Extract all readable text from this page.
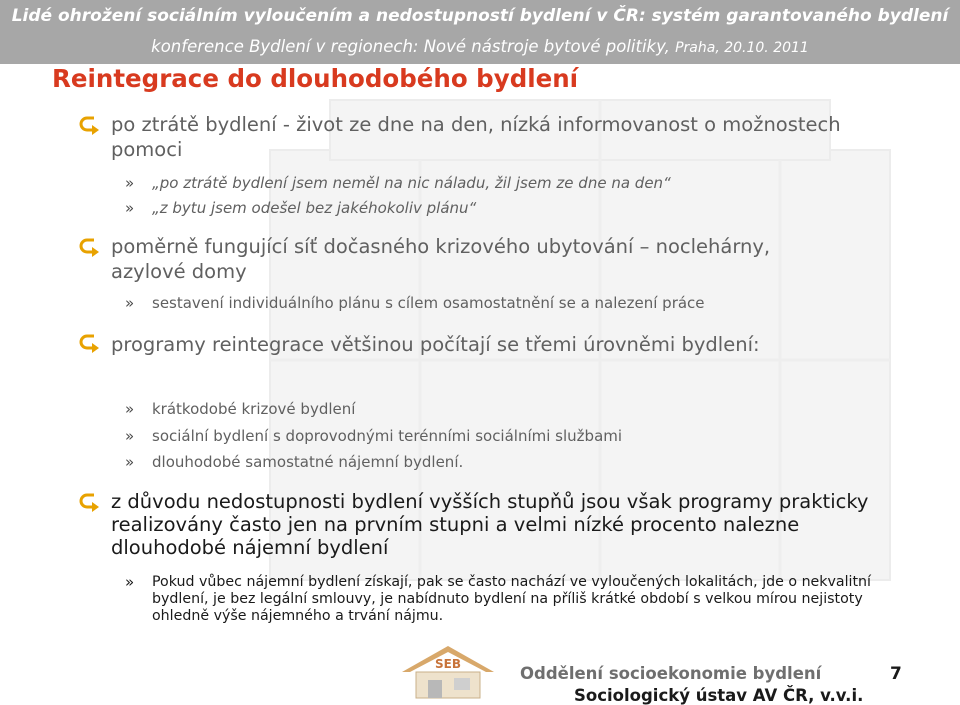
Lidé ohrožení sociálním vyloučením a nedostupností bydlení v ČR: systém garantovaného bydlení
konference Bydlení v regionech: Nové nástroje bytové politiky, Praha, 20.10. 2011
Reintegrace do dlouhodobého bydlení
po ztrátě bydlení - život ze dne na den, nízká informovanost o možnostech pomoci
» „po ztrátě bydlení jsem neměl na nic náladu, žil jsem ze dne na den“
» „z bytu jsem odešel bez jakéhokoliv plánu“
poměrně fungující síť dočasného krizového ubytování – noclehárny, azylové domy
» sestavení individuálního plánu s cílem osamostatnění se a nalezení práce
programy reintegrace většinou počítají se třemi úrovněmi bydlení:
» krátkodobé krizové bydlení
» sociální bydlení s doprovodnými terénními sociálními službami
» dlouhodobé samostatné nájemní bydlení.
z důvodu nedostupnosti bydlení vyšších stupňů jsou však programy prakticky realizovány často jen na prvním stupni a velmi nízké procento nalezne dlouhodobé nájemní bydlení
» Pokud vůbec nájemní bydlení získají, pak se často nachází ve vyloučených lokalitách, jde o nekvalitní bydlení, je bez legální smlouvy, je nabídnuto bydlení na příliš krátké období s velkou mírou nejistoty ohledně výše nájemného a trvání nájmu.
SEB	Oddělení socioekonomie bydlení	7
Sociologický ústav AV ČR, v.v.i.
